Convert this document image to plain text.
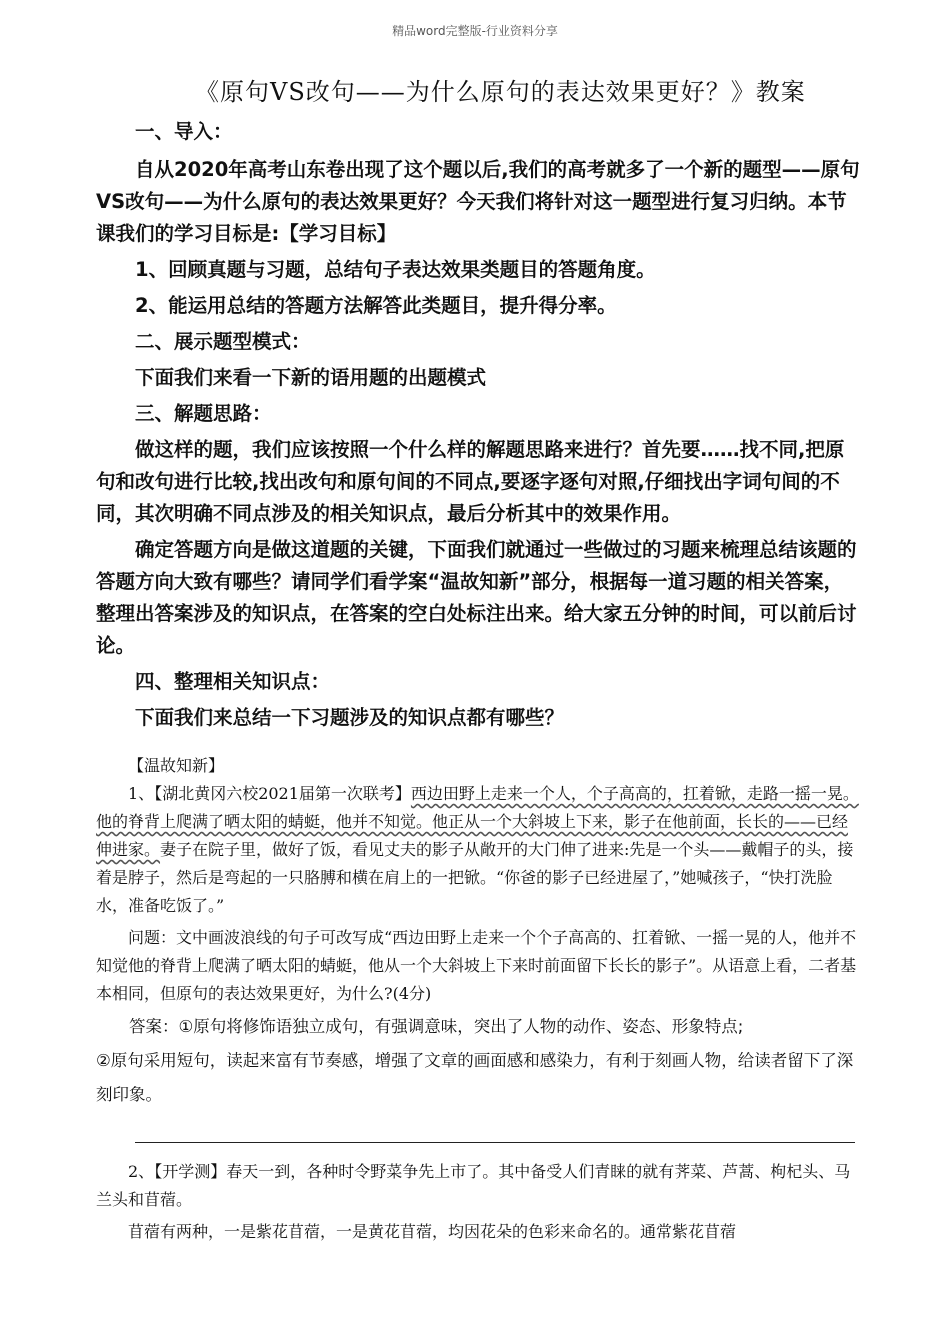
精品word完整版-行业资料分享
《原句VS改句——为什么原句的表达效果更好？》教案

一、导入：

自从2020年高考山东卷出现了这个题以后,我们的高考就多了一个新的题型——原句VS改句——为什么原句的表达效果更好？今天我们将针对这一题型进行复习归纳。本节课我们的学习目标是:【学习目标】

1、回顾真题与习题，总结句子表达效果类题目的答题角度。

2、能运用总结的答题方法解答此类题目，提升得分率。

二、展示题型模式：

下面我们来看一下新的语用题的出题模式

三、解题思路：

做这样的题，我们应该按照一个什么样的解题思路来进行？首先要……找不同,把原句和改句进行比较,找出改句和原句间的不同点,要逐字逐句对照,仔细找出字词句间的不同，其次明确不同点涉及的相关知识点，最后分析其中的效果作用。

确定答题方向是做这道题的关键，下面我们就通过一些做过的习题来梳理总结该题的答题方向大致有哪些？请同学们看学案“温故知新”部分，根据每一道习题的相关答案，整理出答案涉及的知识点，在答案的空白处标注出来。给大家五分钟的时间，可以前后讨论。

四、整理相关知识点：

下面我们来总结一下习题涉及的知识点都有哪些？

【温故知新】

1、【湖北黄冈六校2021届第一次联考】西边田野上走来一个人，个子高高的，扛着锨，走路一摇一晃。他的脊背上爬满了晒太阳的蜻蜓，他并不知觉。他正从一个大斜坡上下来，影子在他前面，长长的——已经伸进家。妻子在院子里，做好了饭，看见丈夫的影子从敞开的大门伸了进来:先是一个头——戴帽子的头，接着是脖子，然后是弯起的一只胳膊和横在肩上的一把锨。“你爸的影子已经进屋了，”她喊孩子，“快打洗脸水，准备吃饭了。”

问题：文中画波浪线的句子可改写成“西边田野上走来一个个子高高的、扛着锨、一摇一晃的人，他并不知觉他的脊背上爬满了晒太阳的蜻蜓，他从一个大斜坡上下来时前面留下长长的影子”。从语意上看，二者基本相同，但原句的表达效果更好，为什么?(4分)

答案：①原句将修饰语独立成句，有强调意味，突出了人物的动作、姿态、形象特点;

②原句采用短句，读起来富有节奏感，增强了文章的画面感和感染力，有利于刻画人物，给读者留下了深刻印象。

2、【开学测】春天一到，各种时令野菜争先上市了。其中备受人们青睐的就有荠菜、芦蒿、枸杞头、马兰头和苜蓿。

苜蓿有两种，一是紫花苜蓿，一是黄花苜蓿，均因花朵的色彩来命名的。通常紫花苜蓿
